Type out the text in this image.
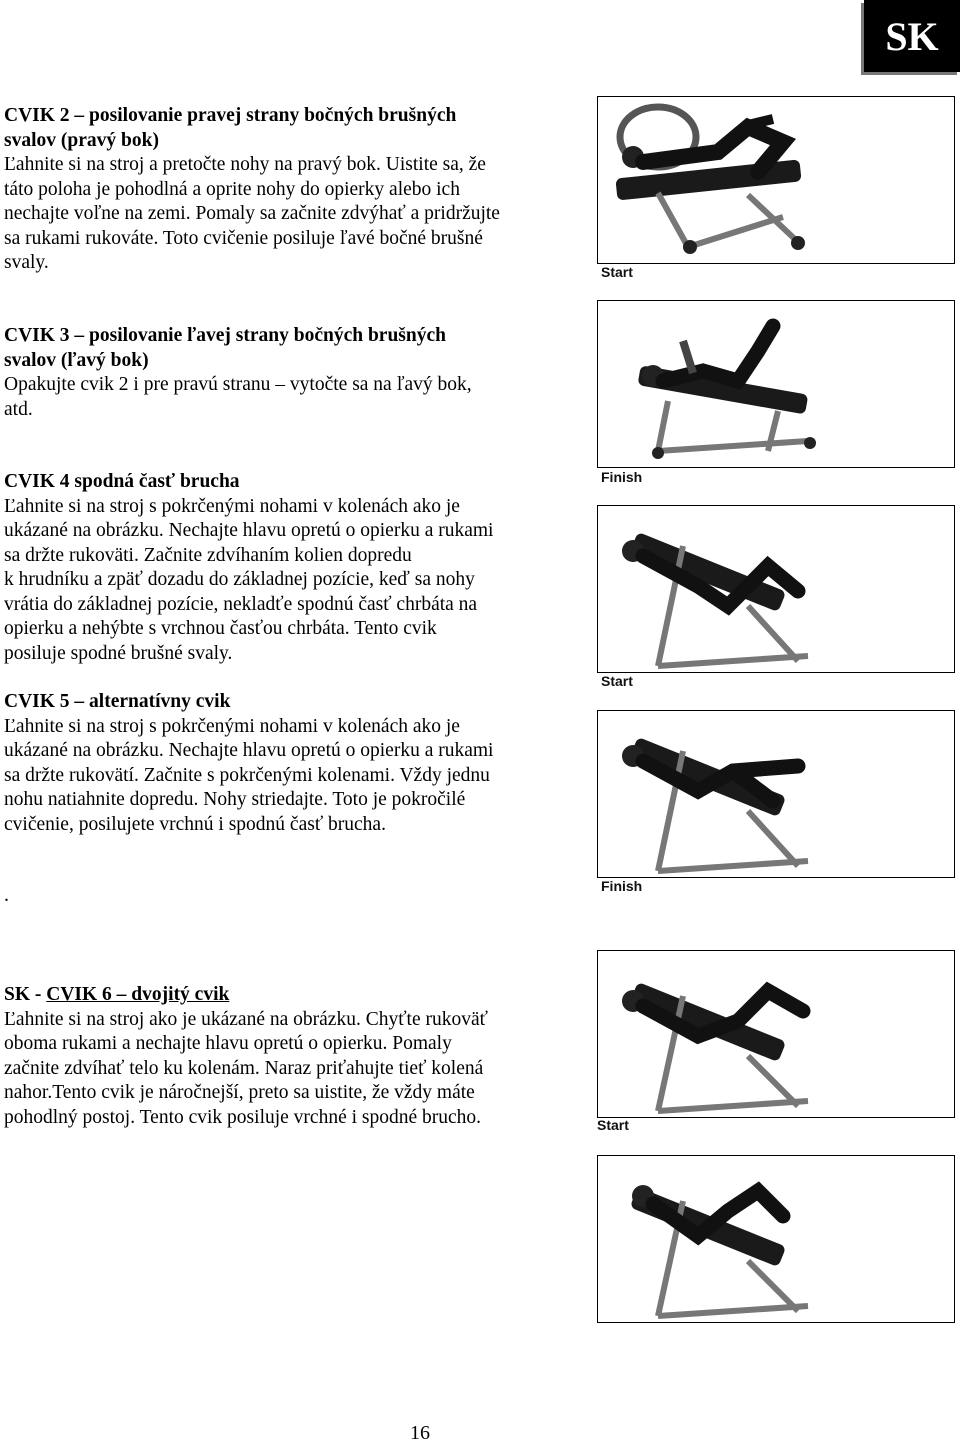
SK

CVIK 2 – posilovanie pravej strany bočných brušných

svalov (pravý bok)

Ľahnite si na stroj a pretočte nohy na pravý bok. Uistite sa, že

táto poloha je pohodlná a oprite nohy do opierky alebo ich

nechajte voľne na zemi. Pomaly sa začnite zdvýhať a pridržujte

sa rukami rukováte. Toto cvičenie posiluje ľavé bočné brušné

svaly.

CVIK 3 – posilovanie ľavej strany bočných brušných

svalov (ľavý bok)

Opakujte cvik 2 i pre pravú stranu – vytočte sa na ľavý bok,

atd.

CVIK 4 spodná časť brucha

Ľahnite si na stroj s pokrčenými nohami v kolenách ako je

ukázané na obrázku. Nechajte hlavu opretú o opierku a rukami

sa držte rukoväti. Začnite zdvíhaním kolien dopredu

k hrudníku a zpäť dozadu do základnej pozície, keď sa nohy

vrátia do základnej pozície, nekladťe spodnú časť chrbáta na

opierku a nehýbte s vrchnou časťou chrbáta. Tento cvik

posiluje spodné brušné svaly.

CVIK 5 – alternatívny cvik

Ľahnite si na stroj s pokrčenými nohami v kolenách ako je

ukázané na obrázku. Nechajte hlavu opretú o opierku a rukami

sa držte rukovätí. Začnite s pokrčenými kolenami. Vždy jednu

nohu natiahnite dopredu. Nohy striedajte. Toto je pokročilé

cvičenie, posilujete vrchnú i spodnú časť brucha.

.

SK - CVIK 6 – dvojitý cvik

Ľahnite si na stroj ako je ukázané na obrázku. Chyťte rukoväť

oboma rukami a nechajte hlavu opretú o opierku. Pomaly

začnite zdvíhať telo ku kolenám. Naraz priťahujte tieť kolená

nahor.Tento cvik je náročnejší, preto sa uistite, že vždy máte

pohodlný postoj. Tento cvik posiluje vrchné i spodné brucho.

Start
Finish
Start
Finish
Start
16
